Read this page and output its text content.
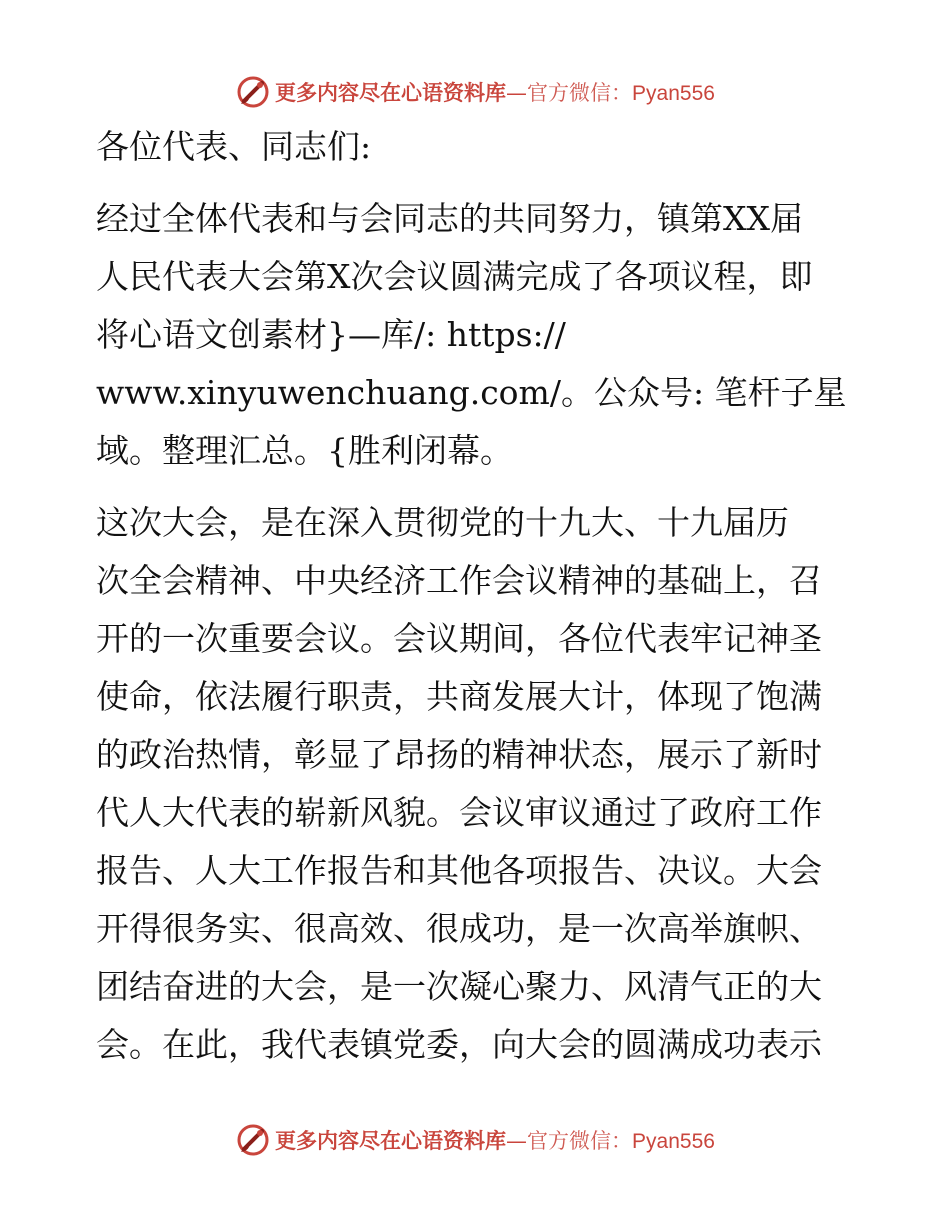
更多内容尽在心语资料库—官方微信：Pyan556
各位代表、同志们:
经过全体代表和与会同志的共同努力，镇第XX届
人民代表大会第X次会议圆满完成了各项议程，即
将心语文创素材}—库/: https://
www.xinyuwenchuang.com/。公众号: 笔杆子星
域。整理汇总。{胜利闭幕。
这次大会，是在深入贯彻党的十九大、十九届历
次全会精神、中央经济工作会议精神的基础上，召
开的一次重要会议。会议期间，各位代表牢记神圣
使命，依法履行职责，共商发展大计，体现了饱满
的政治热情，彰显了昂扬的精神状态，展示了新时
代人大代表的崭新风貌。会议审议通过了政府工作
报告、人大工作报告和其他各项报告、决议。大会
开得很务实、很高效、很成功，是一次高举旗帜、
团结奋进的大会，是一次凝心聚力、风清气正的大
会。在此，我代表镇党委，向大会的圆满成功表示
更多内容尽在心语资料库—官方微信：Pyan556
